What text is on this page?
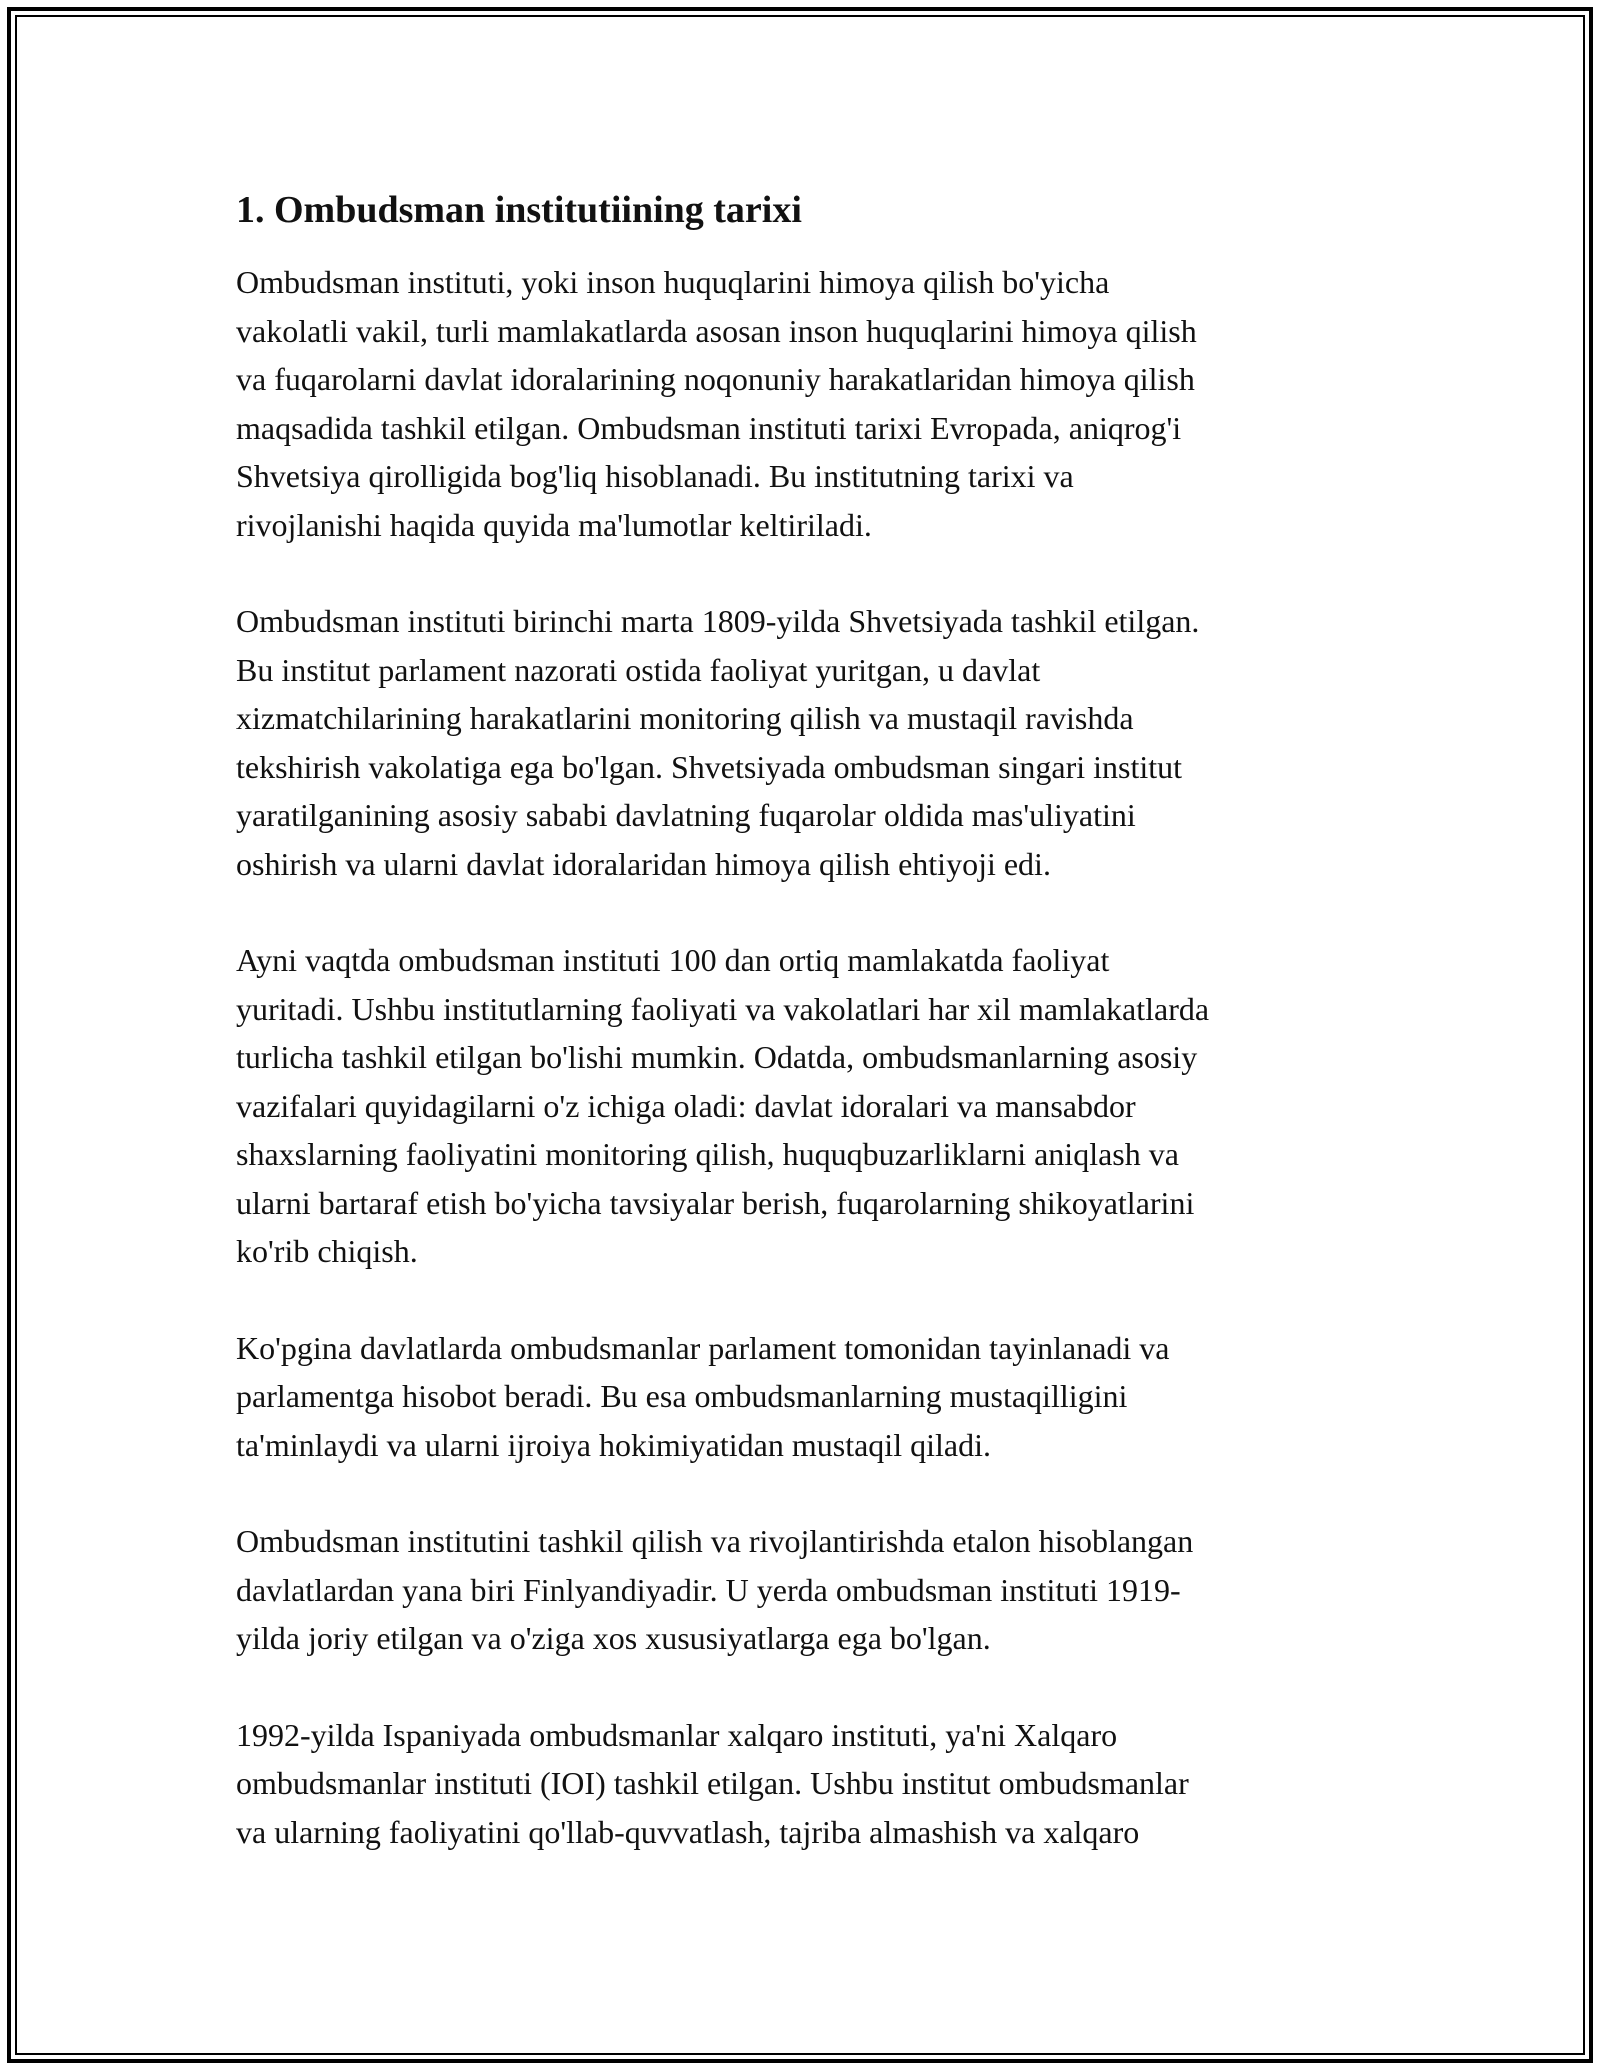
1. Ombudsman institutiining tarixi

Ombudsman instituti, yoki inson huquqlarini himoya qilish bo'yicha
vakolatli vakil, turli mamlakatlarda asosan inson huquqlarini himoya qilish
va fuqarolarni davlat idoralarining noqonuniy harakatlaridan himoya qilish
maqsadida tashkil etilgan. Ombudsman instituti tarixi Evropada, aniqrog'i
Shvetsiya qirolligida bog'liq hisoblanadi. Bu institutning tarixi va
rivojlanishi haqida quyida ma'lumotlar keltiriladi.

Ombudsman instituti birinchi marta 1809-yilda Shvetsiyada tashkil etilgan.
Bu institut parlament nazorati ostida faoliyat yuritgan, u davlat
xizmatchilarining harakatlarini monitoring qilish va mustaqil ravishda
tekshirish vakolatiga ega bo'lgan. Shvetsiyada ombudsman singari institut
yaratilganining asosiy sababi davlatning fuqarolar oldida mas'uliyatini
oshirish va ularni davlat idoralaridan himoya qilish ehtiyoji edi.

Ayni vaqtda ombudsman instituti 100 dan ortiq mamlakatda faoliyat
yuritadi. Ushbu institutlarning faoliyati va vakolatlari har xil mamlakatlarda
turlicha tashkil etilgan bo'lishi mumkin. Odatda, ombudsmanlarning asosiy
vazifalari quyidagilarni o'z ichiga oladi: davlat idoralari va mansabdor
shaxslarning faoliyatini monitoring qilish, huquqbuzarliklarni aniqlash va
ularni bartaraf etish bo'yicha tavsiyalar berish, fuqarolarning shikoyatlarini
ko'rib chiqish.

Ko'pgina davlatlarda ombudsmanlar parlament tomonidan tayinlanadi va
parlamentga hisobot beradi. Bu esa ombudsmanlarning mustaqilligini
ta'minlaydi va ularni ijroiya hokimiyatidan mustaqil qiladi.

Ombudsman institutini tashkil qilish va rivojlantirishda etalon hisoblangan
davlatlardan yana biri Finlyandiyadir. U yerda ombudsman instituti 1919-
yilda joriy etilgan va o'ziga xos xususiyatlarga ega bo'lgan.

1992-yilda Ispaniyada ombudsmanlar xalqaro instituti, ya'ni Xalqaro
ombudsmanlar instituti (IOI) tashkil etilgan. Ushbu institut ombudsmanlar
va ularning faoliyatini qo'llab-quvvatlash, tajriba almashish va xalqaro
